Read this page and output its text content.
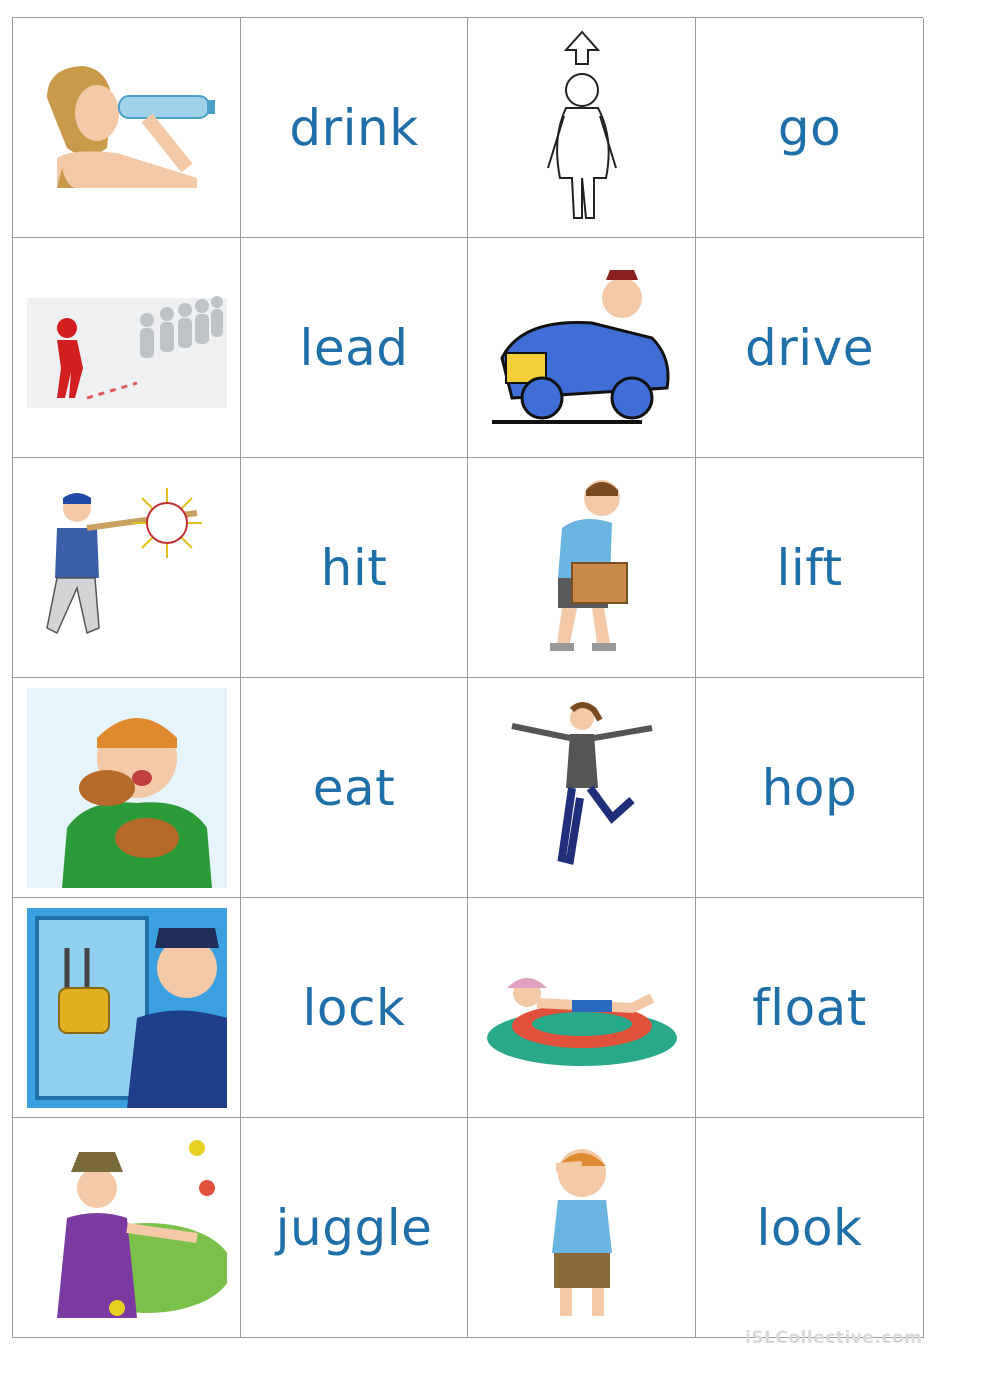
drink	go
lead	drive
hit	lift
eat	hop
lock	float
juggle	look
iSLCollective.com
